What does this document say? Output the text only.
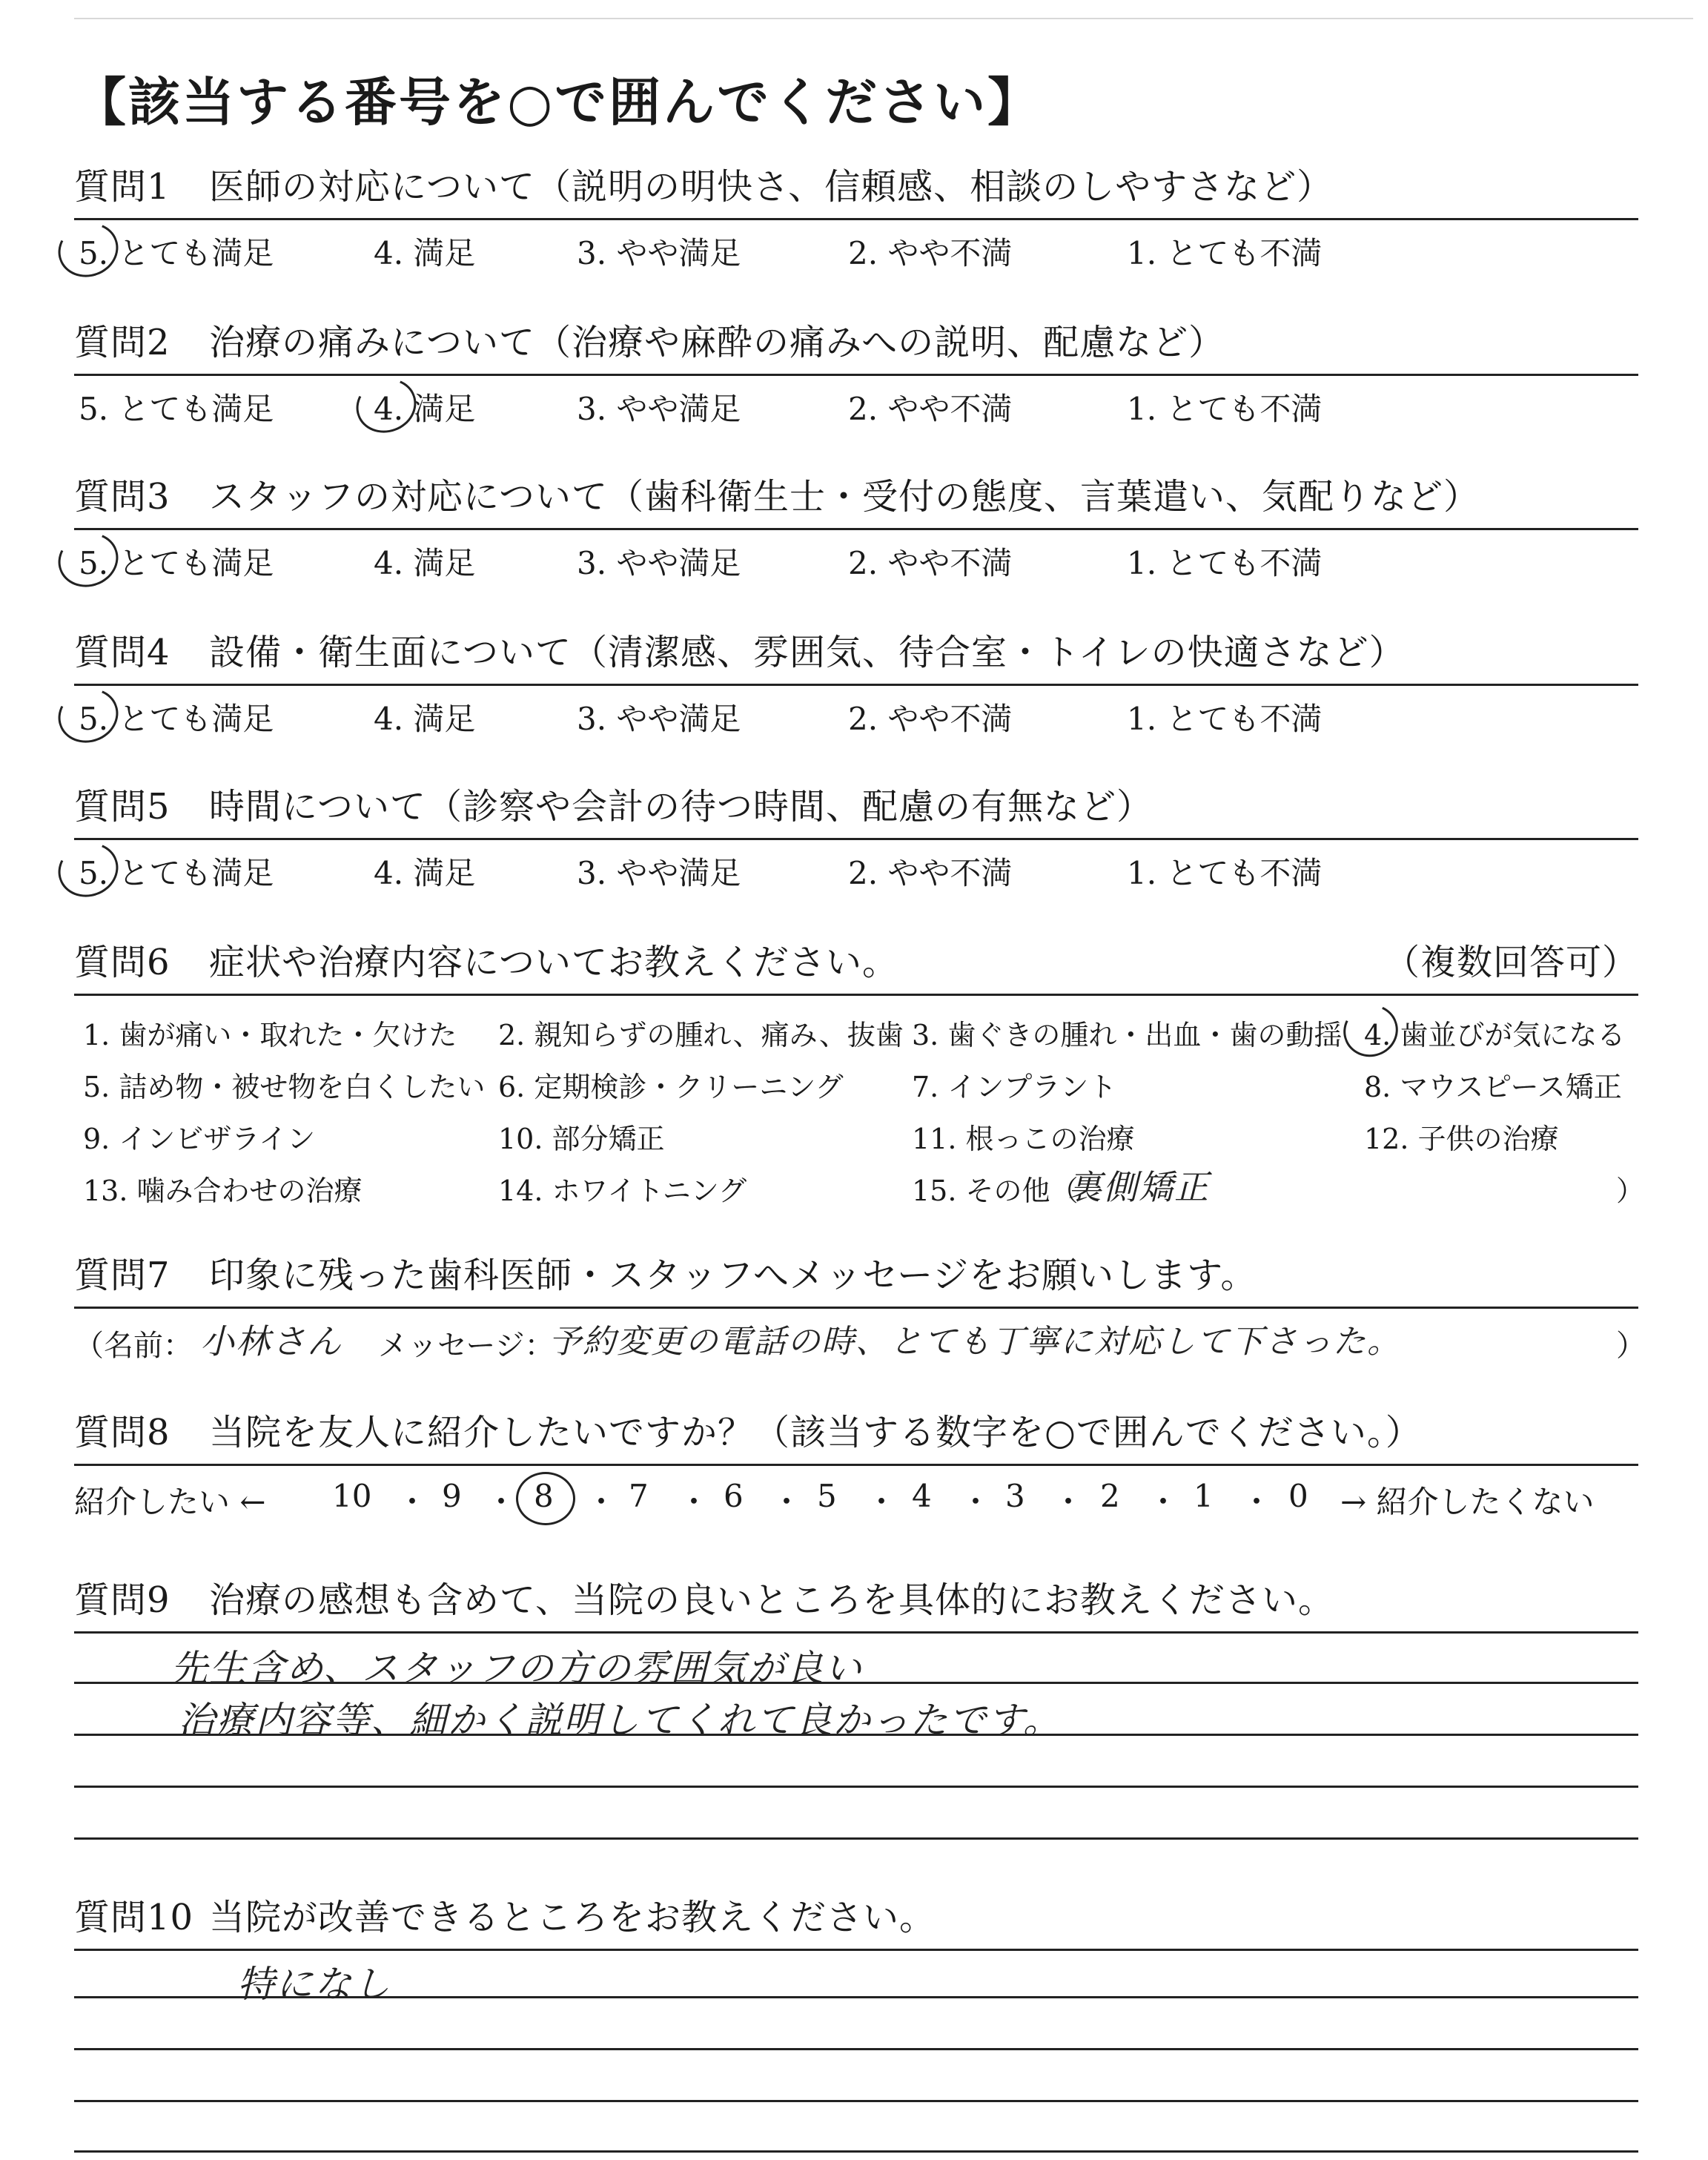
【該当する番号を○で囲んでください】
質問1 医師の対応について（説明の明快さ、信頼感、相談のしやすさなど）
5. とても満足	4. 満足	3. やや満足	2. やや不満	1. とても不満
質問2 治療の痛みについて（治療や麻酔の痛みへの説明、配慮など）
5. とても満足	4. 満足	3. やや満足	2. やや不満	1. とても不満
質問3 スタッフの対応について（歯科衛生士・受付の態度、言葉遣い、気配りなど）
5. とても満足	4. 満足	3. やや満足	2. やや不満	1. とても不満
質問4 設備・衛生面について（清潔感、雰囲気、待合室・トイレの快適さなど）
5. とても満足	4. 満足	3. やや満足	2. やや不満	1. とても不満
質問5 時間について（診察や会計の待つ時間、配慮の有無など）
5. とても満足	4. 満足	3. やや満足	2. やや不満	1. とても不満
質問6 症状や治療内容についてお教えください。	（複数回答可）
1. 歯が痛い・取れた・欠けた 2. 親知らずの腫れ、痛み、抜歯 3. 歯ぐきの腫れ・出血・歯の動揺 4. 歯並びが気になる
5. 詰め物・被せ物を白くしたい 6. 定期検診・クリーニング 7. インプラント	8. マウスピース矯正
9. インビザライン	10. 部分矯正	11. 根っこの治療	12. 子供の治療
13. 噛み合わせの治療	14. ホワイトニング	15. その他（
裏側矯正	）
質問7 印象に残った歯科医師・スタッフへメッセージをお願いします。
（名前： 小林さん メッセージ：
予約変更の電話の時、とても丁寧に対応して下さった。	）
質問8 当院を友人に紹介したいですか？（該当する数字を○で囲んでください。）
紹介したい ← 10 ・ 9 ・ 8 ・ 7 ・ 6 ・ 5 ・ 4 ・ 3 ・ 2 ・ 1 ・ 0 → 紹介したくない
質問9 治療の感想も含めて、当院の良いところを具体的にお教えください。
先生含め、スタッフの方の雰囲気が良い
治療内容等、細かく説明してくれて良かったです。
質問10 当院が改善できるところをお教えください。
特になし
